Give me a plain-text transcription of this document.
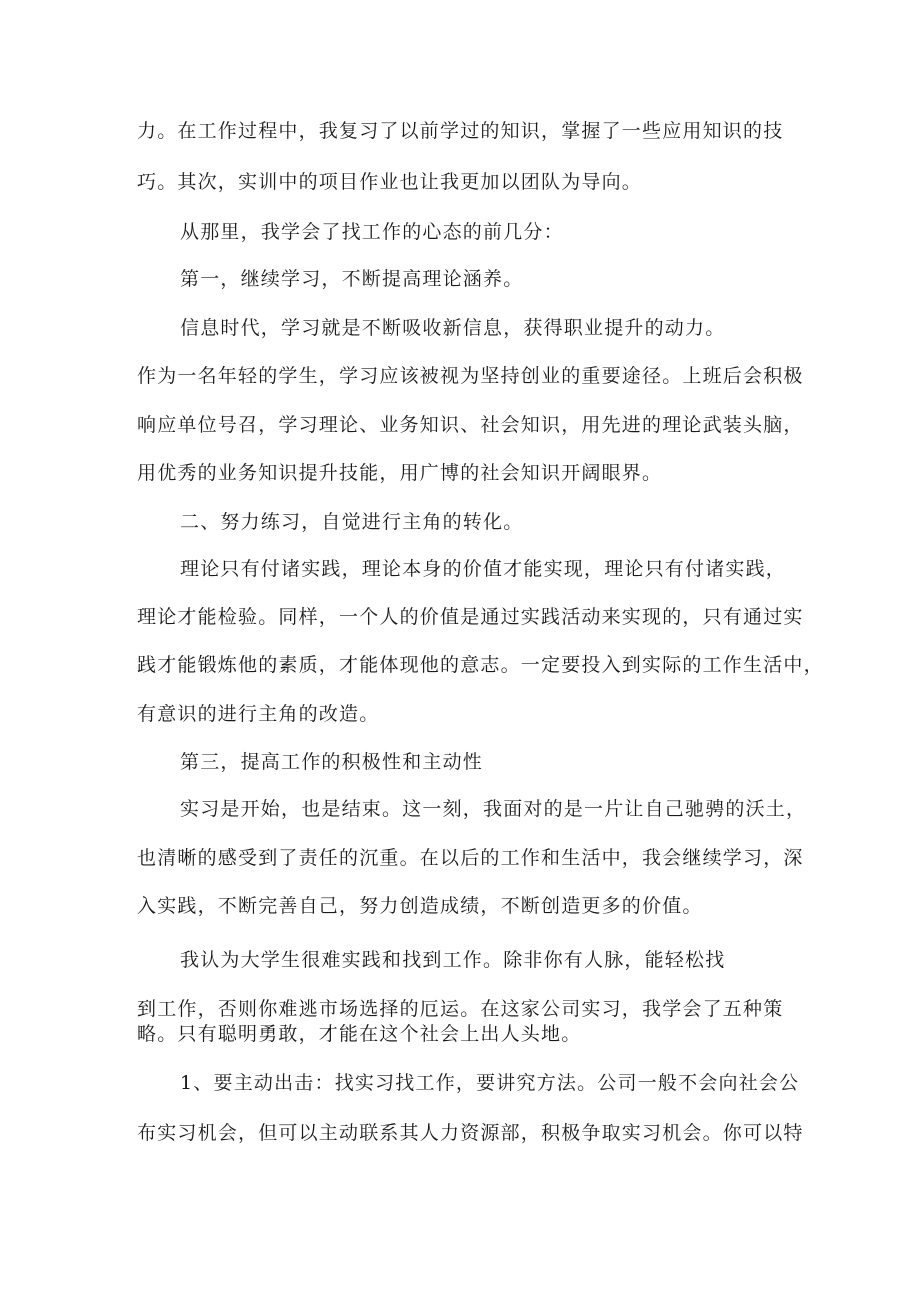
力。在工作过程中，我复习了以前学过的知识，掌握了一些应用知识的技

巧。其次，实训中的项目作业也让我更加以团队为导向。

从那里，我学会了找工作的心态的前几分：

第一，继续学习，不断提高理论涵养。

信息时代，学习就是不断吸收新信息，获得职业提升的动力。

作为一名年轻的学生，学习应该被视为坚持创业的重要途径。上班后会积极

响应单位号召，学习理论、业务知识、社会知识，用先进的理论武装头脑，

用优秀的业务知识提升技能，用广博的社会知识开阔眼界。

二、努力练习，自觉进行主角的转化。

理论只有付诸实践，理论本身的价值才能实现，理论只有付诸实践，

理论才能检验。同样，一个人的价值是通过实践活动来实现的，只有通过实

践才能锻炼他的素质，才能体现他的意志。一定要投入到实际的工作生活中，

有意识的进行主角的改造。

第三，提高工作的积极性和主动性

实习是开始，也是结束。这一刻，我面对的是一片让自己驰骋的沃土，

也清晰的感受到了责任的沉重。在以后的工作和生活中，我会继续学习，深

入实践，不断完善自己，努力创造成绩，不断创造更多的价值。

我认为大学生很难实践和找到工作。除非你有人脉，能轻松找

到工作，否则你难逃市场选择的厄运。在这家公司实习，我学会了五种策

略。只有聪明勇敢，才能在这个社会上出人头地。

1、要主动出击：找实习找工作，要讲究方法。公司一般不会向社会公

布实习机会，但可以主动联系其人力资源部，积极争取实习机会。你可以特
